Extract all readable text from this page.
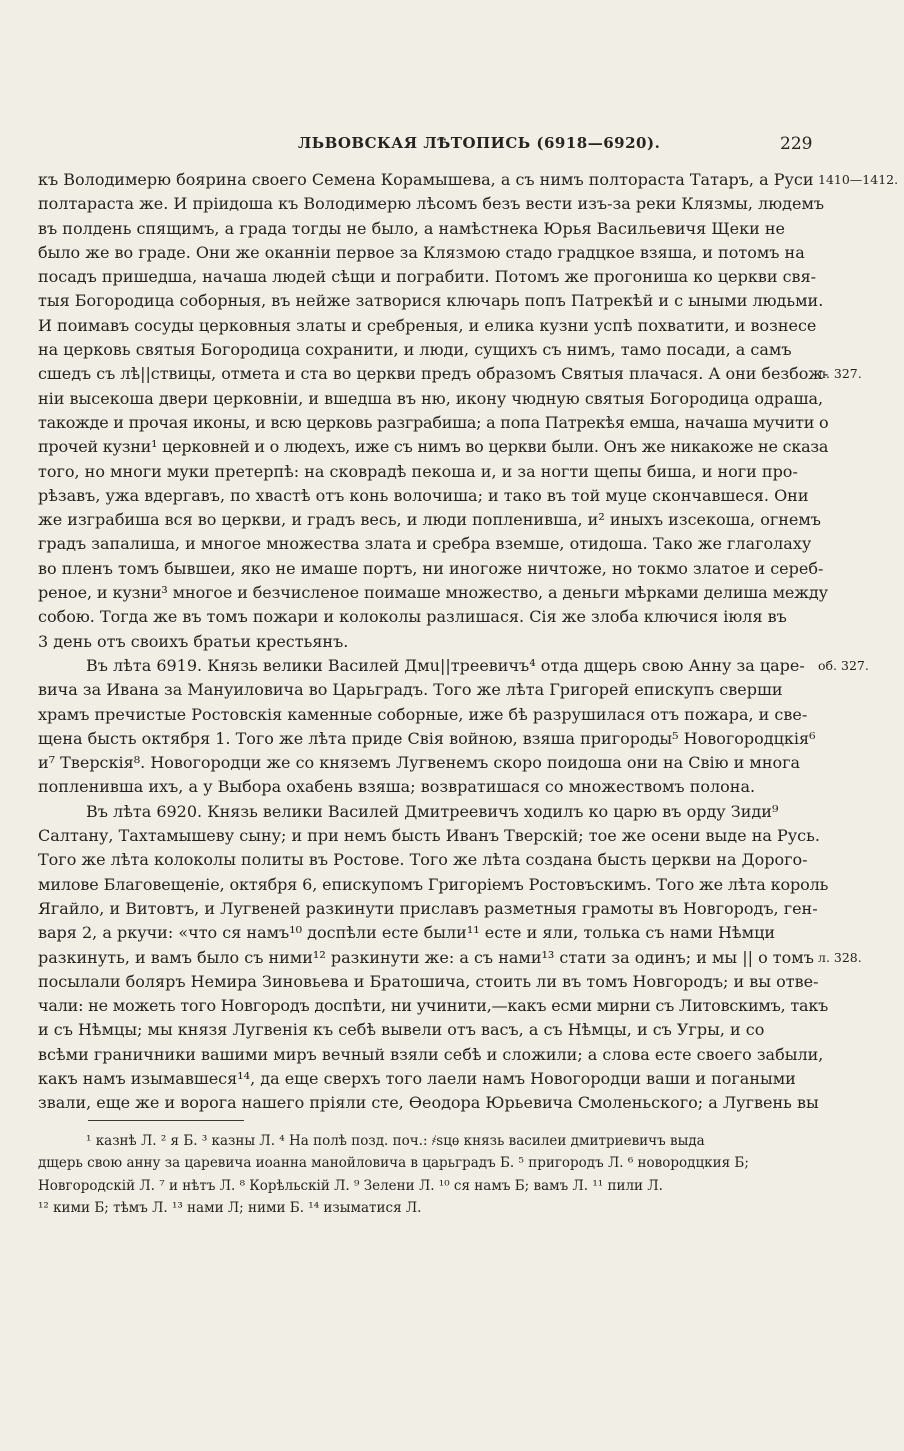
ЛЬВОВСКАЯ ЛѢТОПИСЬ (6918—6920).	229
къ Володимерю боярина своего Семена Корамышева, а съ нимъ полтораста Татаръ, а Руси
полтараста же. И прiидоша къ Володимерю лѣсомъ безъ вести изъ-за реки Клязмы, людемъ
въ полдень спящимъ, а града тогды не было, а намѣстнека Юрья Васильевичя Щеки не
было же во граде. Они же оканнiи первое за Клязмою стадо градцкое взяша, и потомъ на
посадъ пришедша, начаша людей сѣщи и пограбити. Потомъ же прогониша ко церкви свя-
тыя Богородица соборныя, въ нейже затворися ключарь попъ Патрекѣй и с ыными людьми.
И поимавъ сосуды церковныя златы и сребреныя, и елика кузни успѣ похватити, и вознесе
на церковь святыя Богородица сохранити, и люди, сущихъ съ нимъ, тамо посади, а самъ
сшедъ съ лѣ||ствицы, отмета и ста во церкви предъ образомъ Святыя плачася. А они безбож-
нiи высекоша двери церковнiи, и вшедша въ ню, икону чюдную святыя Богородица одраша,
такожде и прочая иконы, и всю церковь разграбиша; а попа Патрекѣя емша, начаша мучити о
прочей кузни¹ церковней и о людехъ, иже съ нимъ во церкви были. Онъ же никакоже не сказа
того, но многи муки претерпѣ: на сковрадѣ пекоша и, и за ногти щепы биша, и ноги про-
рѣзавъ, ужа вдергавъ, по хвастѣ отъ конь волочиша; и тако въ той муце скончавшеся. Они
же изграбиша вся во церкви, и градъ весь, и люди попленивша, и² иныхъ изсекоша, огнемъ
градъ запалиша, и многое множества злата и сребра вземше, отидоша. Тако же глаголаху
во пленъ томъ бывшеи, яко не имаше портъ, ни иногоже ничтоже, но токмо златое и сереб-
реное, и кузни³ многое и безчисленое поимаше множество, а деньги мѣрками делиша между
собою. Тогда же въ томъ пожари и колоколы разлишася. Сiя же злоба ключися iюля въ
3 день отъ своихъ братьи крестьянъ.
Въ лѣта 6919. Князь велики Василей Дмu||треевичъ⁴ отда дщерь свою Анну за царе-
вича за Ивана за Мануиловича во Царьградъ. Того же лѣта Григорей епискупъ сверши
храмъ пречистые Ростовскiя каменные соборные, иже бѣ разрушилася отъ пожара, и све-
щена бысть октября 1. Того же лѣта приде Свiя войною, взяша пригороды⁵ Новогородцкiя⁶
и⁷ Тверскiя⁸. Новогородци же со княземъ Лугвенемъ скоро поидоша они на Свiю и многа
попленивша ихъ, а у Выбора охабень взяша; возвратишася со множествомъ полона.
Въ лѣта 6920. Князь велики Василей Дмитреевичъ ходилъ ко царю въ орду Зиди⁹
Салтану, Тахтамышеву сыну; и при немъ бысть Иванъ Тверскiй; тое же осени выде на Русь.
Того же лѣта колоколы политы въ Ростове. Того же лѣта создана бысть церкви на Дорого-
милове Благовещенiе, октября 6, епискупомъ Григорiемъ Ростовъскимъ. Того же лѣта король
Ягайло, и Витовтъ, и Лугвеней разкинути приславъ разметныя грамоты въ Новгородъ, ген-
варя 2, а ркучи: «что ся намъ¹⁰ доспѣли есте были¹¹ есте и яли, толька съ нами Нѣмци
разкинуть, и вамъ было съ ними¹² разкинути же: а съ нами¹³ стати за одинъ; и мы || о томъ
посылали боляръ Немира Зиновьева и Братошича, стоить ли въ томъ Новгородъ; и вы отве-
чали: не можеть того Новгородъ доспѣти, ни учинити,—какъ есми мирни съ Литовскимъ, такъ
и съ Нѣмцы; мы князя Лугвенiя къ себѣ вывели отъ васъ, а съ Нѣмцы, и съ Угры, и со
всѣми граничники вашими миръ вечный взяли себѣ и сложили; а слова есте своего забыли,
какъ намъ изымавшеся¹⁴, да еще сверхъ того лаели намъ Новогородци ваши и погаными
звали, еще же и ворога нашего прiяли сте, Ѳеодора Юрьевича Смоленьского; а Лугвень вы
1410—1412.
л. 327.
об. 327.
л. 328.
¹ казнѣ Л. ² я Б. ³ казны Л. ⁴ На полѣ позд. поч.: ҂ѕцѳ князь василеи дмитриевичъ выда
дщерь свою анну за царевича иоанна манойловича в царьградъ Б. ⁵ пригородъ Л. ⁶ новородцкия Б;
Новгородскiй Л. ⁷ и нѣтъ Л. ⁸ Корѣльскiй Л. ⁹ Зелени Л. ¹⁰ ся намъ Б; вамъ Л. ¹¹ пили Л.
¹² кими Б; тѣмъ Л. ¹³ нами Л; ними Б. ¹⁴ изыматися Л.
